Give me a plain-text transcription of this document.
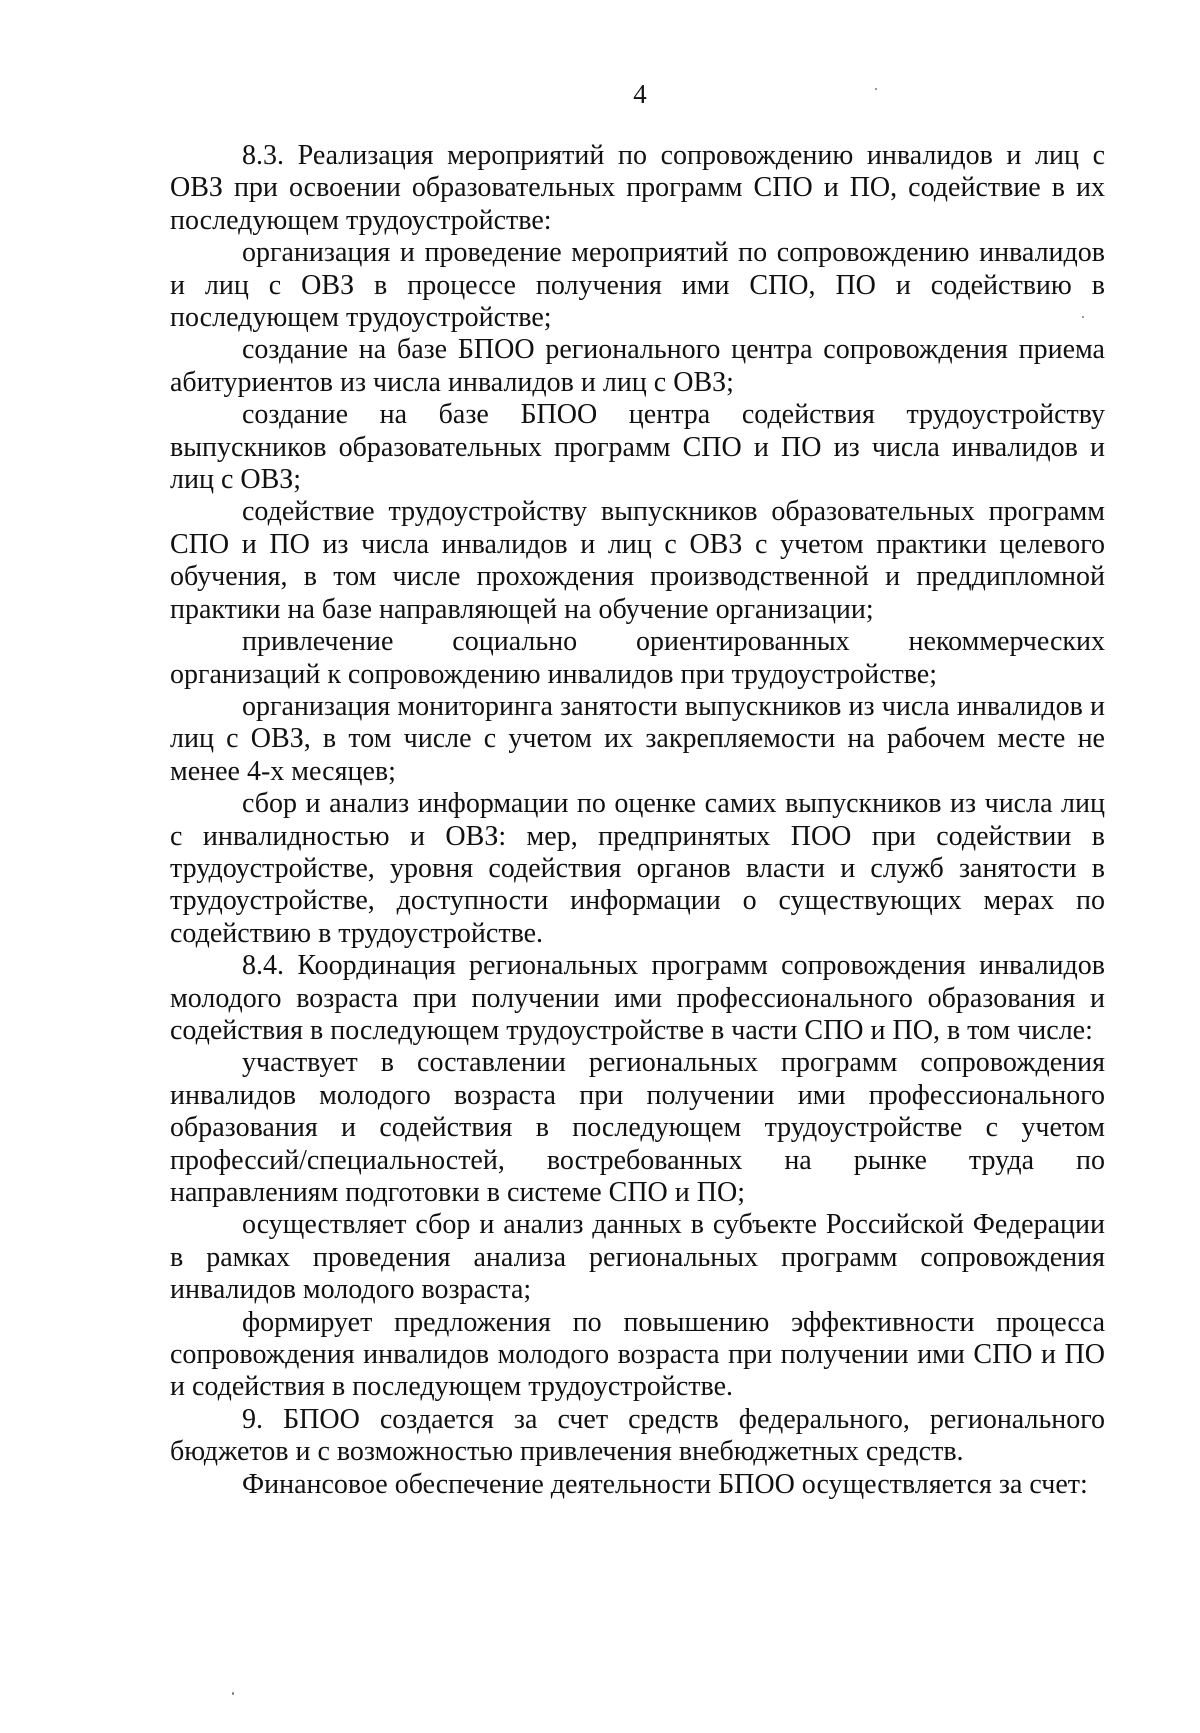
4

8.3. Реализация мероприятий по сопровождению инвалидов и лиц с ОВЗ при освоении образовательных программ СПО и ПО, содействие в их последующем трудоустройстве:

организация и проведение мероприятий по сопровождению инвалидов и лиц с ОВЗ в процессе получения ими СПО, ПО и содействию в последующем трудоустройстве;

создание на базе БПОО регионального центра сопровождения приема абитуриентов из числа инвалидов и лиц с ОВЗ;

создание на базе БПОО центра содействия трудоустройству выпускников образовательных программ СПО и ПО из числа инвалидов и лиц с ОВЗ;

содействие трудоустройству выпускников образовательных программ СПО и ПО из числа инвалидов и лиц с ОВЗ с учетом практики целевого обучения, в том числе прохождения производственной и преддипломной практики на базе направляющей на обучение организации;

привлечение социально ориентированных некоммерческих организаций к сопровождению инвалидов при трудоустройстве;

организация мониторинга занятости выпускников из числа инвалидов и лиц с ОВЗ, в том числе с учетом их закрепляемости на рабочем месте не менее 4-х месяцев;

сбор и анализ информации по оценке самих выпускников из числа лиц с инвалидностью и ОВЗ: мер, предпринятых ПОО при содействии в трудоустройстве, уровня содействия органов власти и служб занятости в трудоустройстве, доступности информации о существующих мерах по содействию в трудоустройстве.

8.4. Координация региональных программ сопровождения инвалидов молодого возраста при получении ими профессионального образования и содействия в последующем трудоустройстве в части СПО и ПО, в том числе:

участвует в составлении региональных программ сопровождения инвалидов молодого возраста при получении ими профессионального образования и содействия в последующем трудоустройстве с учетом профессий/специальностей, востребованных на рынке труда по направлениям подготовки в системе СПО и ПО;

осуществляет сбор и анализ данных в субъекте Российской Федерации в рамках проведения анализа региональных программ сопровождения инвалидов молодого возраста;

формирует предложения по повышению эффективности процесса сопровождения инвалидов молодого возраста при получении ими СПО и ПО и содействия в последующем трудоустройстве.

9. БПОО создается за счет средств федерального, регионального бюджетов и с возможностью привлечения внебюджетных средств.

Финансовое обеспечение деятельности БПОО осуществляется за счет:
